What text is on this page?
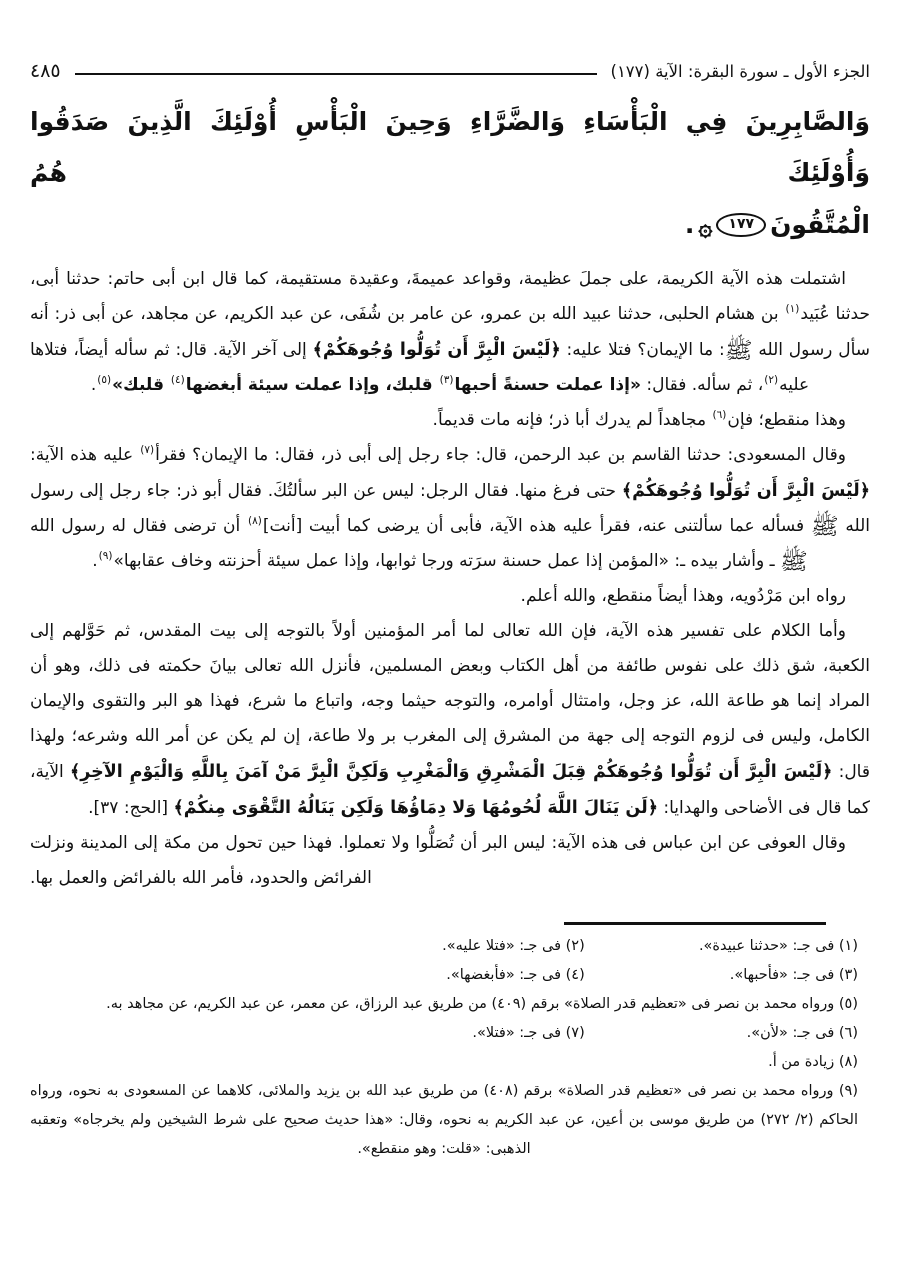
الجزء الأول ـ سورة البقرة: الآية (١٧٧)
٤٨٥
وَالصَّابِرِينَ فِي الْبَأْسَاءِ وَالضَّرَّاءِ وَحِينَ الْبَأْسِ أُوْلَئِكَ الَّذِينَ صَدَقُوا وَأُوْلَئِكَ هُمُ
الْمُتَّقُونَ١٧٧۞.
اشتملت هذه الآية الكريمة، على جملَ عظيمة، وقواعد عميمةَ، وعقيدة مستقيمة، كما قال ابن أبى حاتم: حدثنا أبى، حدثنا عُبَيد$^{(١)}$ بن هشام الحلبى، حدثنا عبيد الله بن عمرو، عن عامر بن شُفَى، عن عبد الكريم، عن مجاهد، عن أبى ذر: أنه سأل رسول الله ﷺ: ما الإيمان؟ فتلا عليه: ﴿لَيْسَ الْبِرَّ أَن تُوَلُّوا وُجُوهَكُمْ﴾ إلى آخر الآية. قال: ثم سأله أيضاً، فتلاها عليه$^{(٢)}$، ثم سأله. فقال: «إذا عملت حسنةً أحبها$^{(٣)}$ قلبك، وإذا عملت سيئة أبغضها$^{(٤)}$ قلبك»$^{(٥)}$.
وهذا منقطع؛ فإن$^{(٦)}$ مجاهداً لم يدرك أبا ذر؛ فإنه مات قديماً.
وقال المسعودى: حدثنا القاسم بن عبد الرحمن، قال: جاء رجل إلى أبى ذر، فقال: ما الإيمان؟ فقرأ$^{(٧)}$ عليه هذه الآية: ﴿لَيْسَ الْبِرَّ أَن تُوَلُّوا وُجُوهَكُمْ﴾ حتى فرغ منها. فقال الرجل: ليس عن البر سألتُكَ. فقال أبو ذر: جاء رجل إلى رسول الله ﷺ فسأله عما سألتنى عنه، فقرأ عليه هذه الآية، فأبى أن يرضى كما أبيت [أنت]$^{(٨)}$ أن ترضى فقال له رسول الله ﷺ ـ وأشار بيده ـ: «المؤمن إذا عمل حسنة سرَته ورجا ثوابها، وإذا عمل سيئة أحزنته وخاف عقابها»$^{(٩)}$.
رواه ابن مَرْدُويه، وهذا أيضاً منقطع، والله أعلم.
وأما الكلام على تفسير هذه الآية، فإن الله تعالى لما أمر المؤمنين أولاً بالتوجه إلى بيت المقدس، ثم حَوَّلهم إلى الكعبة، شق ذلك على نفوس طائفة من أهل الكتاب وبعض المسلمين، فأنزل الله تعالى بيانَ حكمته فى ذلك، وهو أن المراد إنما هو طاعة الله، عز وجل، وامتثال أوامره، والتوجه حيثما وجه، واتباع ما شرع، فهذا هو البر والتقوى والإيمان الكامل، وليس فى لزوم التوجه إلى جهة من المشرق إلى المغرب بر ولا طاعة، إن لم يكن عن أمر الله وشرعه؛ ولهذا قال: ﴿لَيْسَ الْبِرَّ أَن تُوَلُّوا وُجُوهَكُمْ قِبَلَ الْمَشْرِقِ وَالْمَغْرِبِ وَلَكِنَّ الْبِرَّ مَنْ آمَنَ بِاللَّهِ وَالْيَوْمِ الآخِرِ﴾ الآية، كما قال فى الأضاحى والهدايا: ﴿لَن يَنَالَ اللَّهَ لُحُومُهَا وَلا دِمَاؤُهَا وَلَكِن يَنَالُهُ التَّقْوَى مِنكُمْ﴾ [الحج: ٣٧].
وقال العوفى عن ابن عباس فى هذه الآية: ليس البر أن تُصَلُّوا ولا تعملوا. فهذا حين تحول من مكة إلى المدينة ونزلت الفرائض والحدود، فأمر الله بالفرائض والعمل بها.
(١) فى جـ: «حدثنا عبيدة».
(٢) فى جـ: «فتلا عليه».
(٣) فى جـ: «فأحبها».
(٤) فى جـ: «فأبغضها».
(٥) ورواه محمد بن نصر فى «تعظيم قدر الصلاة» برقم (٤٠٩) من طريق عبد الرزاق، عن معمر، عن عبد الكريم، عن مجاهد به.
(٦) فى جـ: «لأن».
(٧) فى جـ: «فتلا».
(٨) زيادة من أ.
(٩) ورواه محمد بن نصر فى «تعظيم قدر الصلاة» برقم (٤٠٨) من طريق عبد الله بن يزيد والملائى، كلاهما عن المسعودى به نحوه، ورواه الحاكم (٢/ ٢٧٢) من طريق موسى بن أعين، عن عبد الكريم به نحوه، وقال: «هذا حديث صحيح على شرط الشيخين ولم يخرجاه» وتعقبه الذهبى: «قلت: وهو منقطع».
